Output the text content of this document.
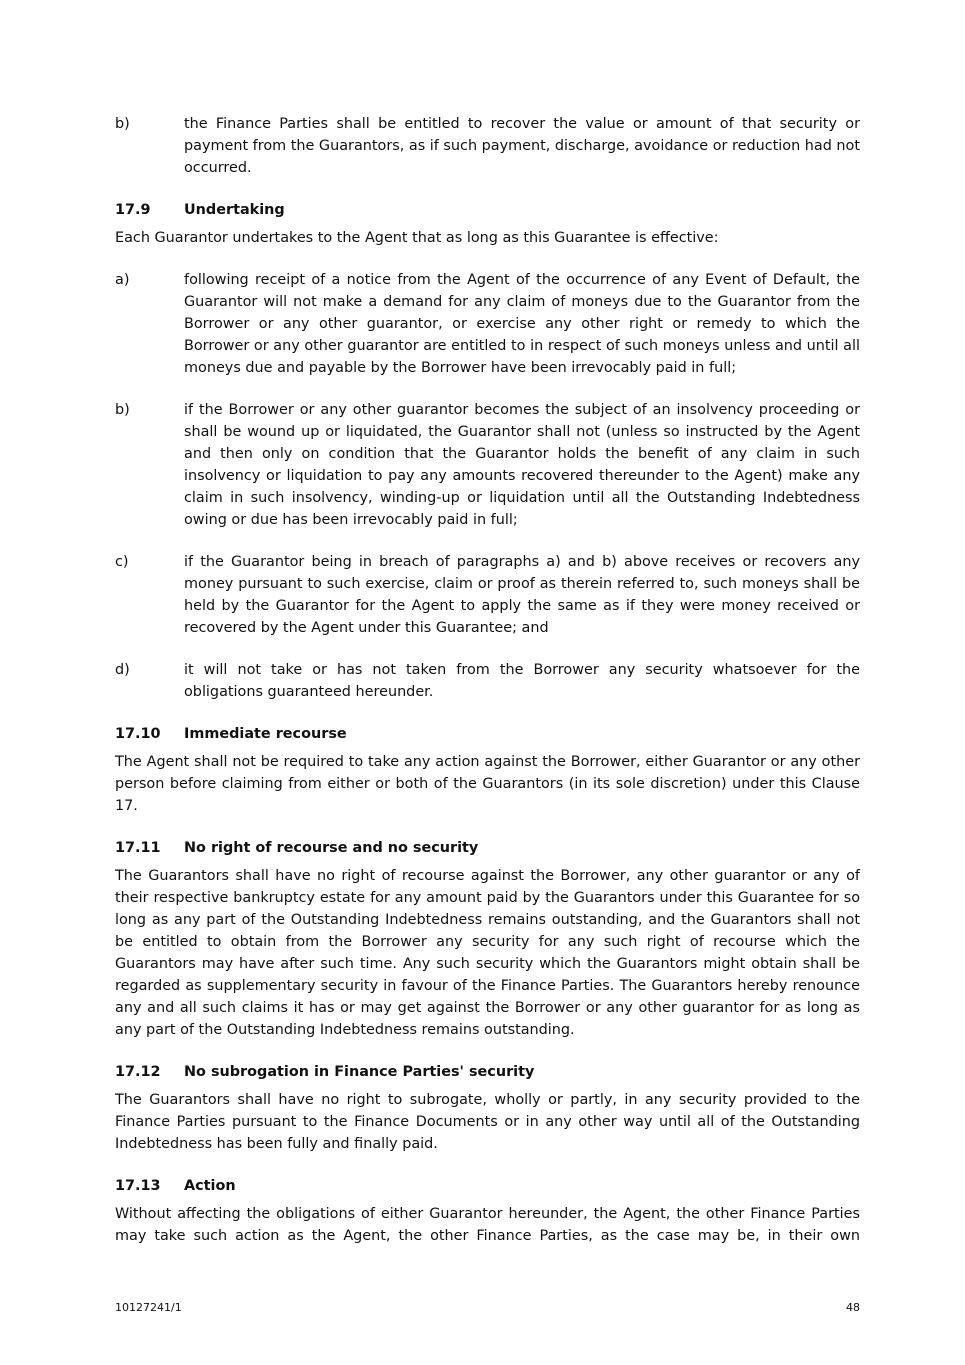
b)	the Finance Parties shall be entitled to recover the value or amount of that security or payment from the Guarantors, as if such payment, discharge, avoidance or reduction had not occurred.

17.9	Undertaking

Each Guarantor undertakes to the Agent that as long as this Guarantee is effective:

a)	following receipt of a notice from the Agent of the occurrence of any Event of Default, the Guarantor will not make a demand for any claim of moneys due to the Guarantor from the Borrower or any other guarantor, or exercise any other right or remedy to which the Borrower or any other guarantor are entitled to in respect of such moneys unless and until all moneys due and payable by the Borrower have been irrevocably paid in full;

b)	if the Borrower or any other guarantor becomes the subject of an insolvency proceeding or shall be wound up or liquidated, the Guarantor shall not (unless so instructed by the Agent and then only on condition that the Guarantor holds the benefit of any claim in such insolvency or liquidation to pay any amounts recovered thereunder to the Agent) make any claim in such insolvency, winding-up or liquidation until all the Outstanding Indebtedness owing or due has been irrevocably paid in full;

c)	if the Guarantor being in breach of paragraphs a) and b) above receives or recovers any money pursuant to such exercise, claim or proof as therein referred to, such moneys shall be held by the Guarantor for the Agent to apply the same as if they were money received or recovered by the Agent under this Guarantee; and

d)	it will not take or has not taken from the Borrower any security whatsoever for the obligations guaranteed hereunder.

17.10	Immediate recourse

The Agent shall not be required to take any action against the Borrower, either Guarantor or any other person before claiming from either or both of the Guarantors (in its sole discretion) under this Clause 17.

17.11	No right of recourse and no security

The Guarantors shall have no right of recourse against the Borrower, any other guarantor or any of their respective bankruptcy estate for any amount paid by the Guarantors under this Guarantee for so long as any part of the Outstanding Indebtedness remains outstanding, and the Guarantors shall not be entitled to obtain from the Borrower any security for any such right of recourse which the Guarantors may have after such time. Any such security which the Guarantors might obtain shall be regarded as supplementary security in favour of the Finance Parties. The Guarantors hereby renounce any and all such claims it has or may get against the Borrower or any other guarantor for as long as any part of the Outstanding Indebtedness remains outstanding.

17.12	No subrogation in Finance Parties' security

The Guarantors shall have no right to subrogate, wholly or partly, in any security provided to the Finance Parties pursuant to the Finance Documents or in any other way until all of the Outstanding Indebtedness has been fully and finally paid.

17.13	Action

Without affecting the obligations of either Guarantor hereunder, the Agent, the other Finance Parties may take such action as the Agent, the other Finance Parties, as the case may be, in their own

10127241/1	48
